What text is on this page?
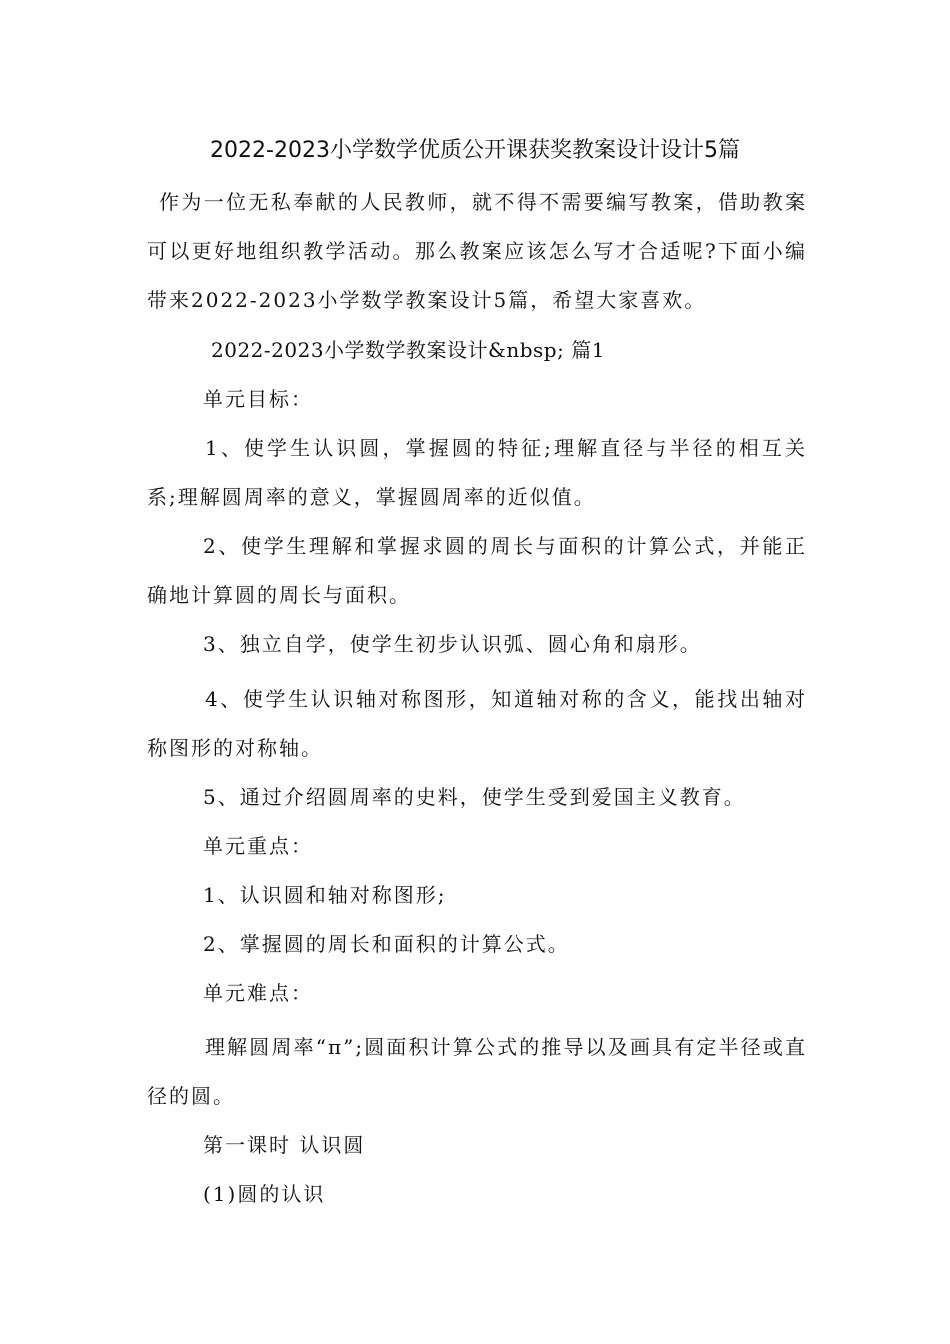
2022-2023小学数学优质公开课获奖教案设计设计5篇

作为一位无私奉献的人民教师，就不得不需要编写教案，借助教案可以更好地组织教学活动。那么教案应该怎么写才合适呢?下面小编带来2022-2023小学数学教案设计5篇，希望大家喜欢。

2022-2023小学数学教案设计&nbsp; 篇1

单元目标：

1、使学生认识圆，掌握圆的特征;理解直径与半径的相互关系;理解圆周率的意义，掌握圆周率的近似值。

2、使学生理解和掌握求圆的周长与面积的计算公式，并能正确地计算圆的周长与面积。

3、独立自学，使学生初步认识弧、圆心角和扇形。

4、使学生认识轴对称图形，知道轴对称的含义，能找出轴对称图形的对称轴。

5、通过介绍圆周率的史料，使学生受到爱国主义教育。

单元重点：

1、认识圆和轴对称图形;

2、掌握圆的周长和面积的计算公式。

单元难点：

理解圆周率“π”;圆面积计算公式的推导以及画具有定半径或直径的圆。

第一课时 认识圆

(1)圆的认识
